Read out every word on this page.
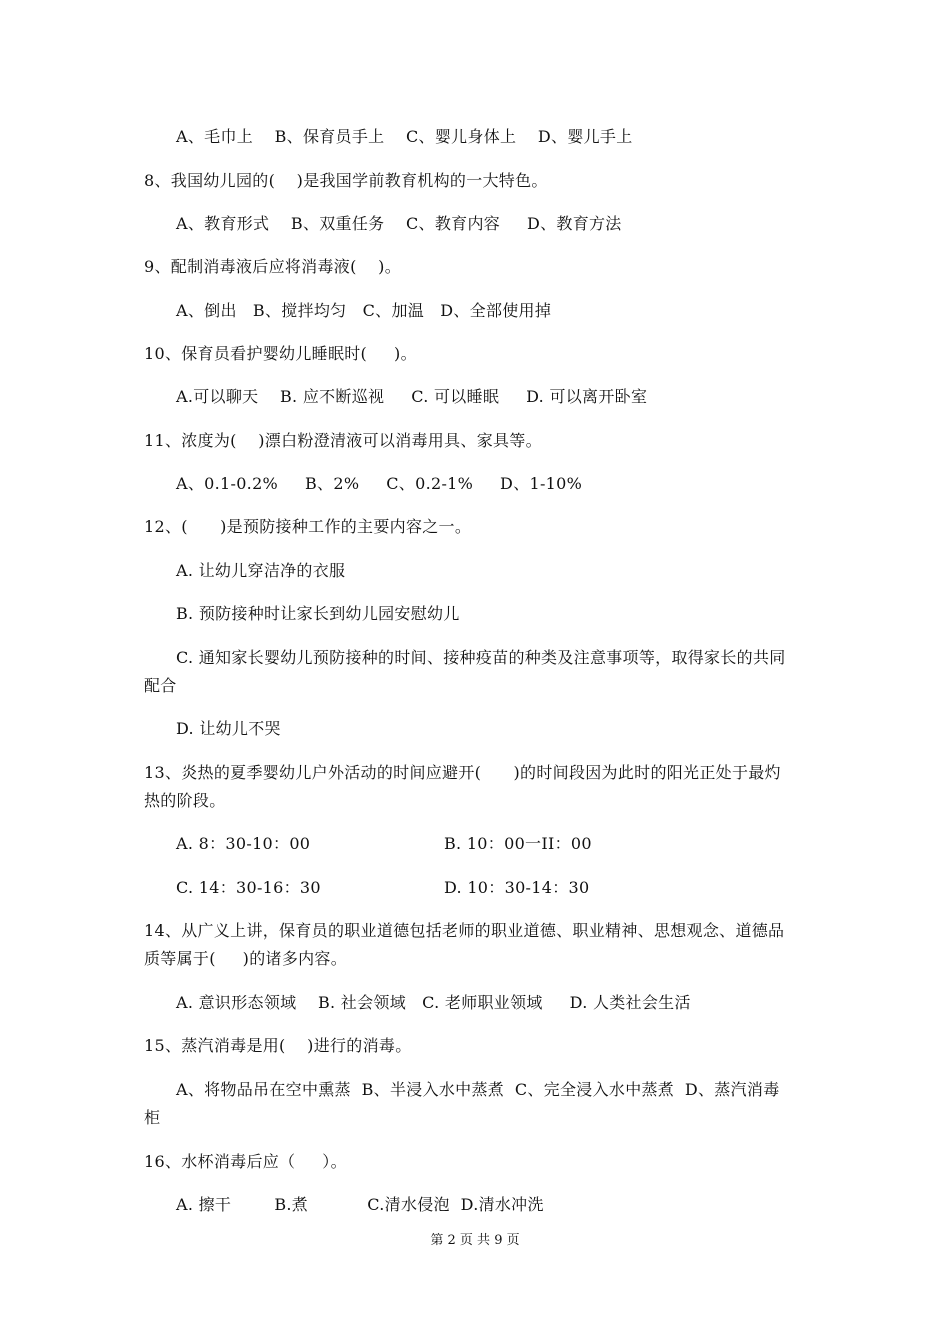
A、毛巾上    B、保育员手上    C、婴儿身体上    D、婴儿手上
8、我国幼儿园的(    )是我国学前教育机构的一大特色。
A、教育形式    B、双重任务    C、教育内容     D、教育方法
9、配制消毒液后应将消毒液(    )。
A、倒出   B、搅拌均匀   C、加温   D、全部使用掉
10、保育员看护婴幼儿睡眠时(     )。
A.可以聊天    B. 应不断巡视     C. 可以睡眠     D. 可以离开卧室
11、浓度为(    )漂白粉澄清液可以消毒用具、家具等。
A、0.1-0.2%     B、2%     C、0.2-1%     D、1-10%
12、(      )是预防接种工作的主要内容之一。
A. 让幼儿穿洁净的衣服
B. 预防接种时让家长到幼儿园安慰幼儿
C. 通知家长婴幼儿预防接种的时间、接种疫苗的种类及注意事项等，取得家长的共同
配合
D. 让幼儿不哭
13、炎热的夏季婴幼儿户外活动的时间应避开(      )的时间段因为此时的阳光正处于最灼
热的阶段。
A. 8：30-10：00	B. 10：00一II：00
C. 14：30-16：30	D. 10：30-14：30
14、从广义上讲，保育员的职业道德包括老师的职业道德、职业精神、思想观念、道德品
质等属于(     )的诸多内容。
A. 意识形态领域    B. 社会领域   C. 老师职业领域     D. 人类社会生活
15、蒸汽消毒是用(    )进行的消毒。
A、将物品吊在空中熏蒸  B、半浸入水中蒸煮  C、完全浸入水中蒸煮  D、蒸汽消毒
柜
16、水杯消毒后应（     ）。
A. 擦干        B.煮           C.清水侵泡  D.清水冲洗
第 2 页 共 9 页
